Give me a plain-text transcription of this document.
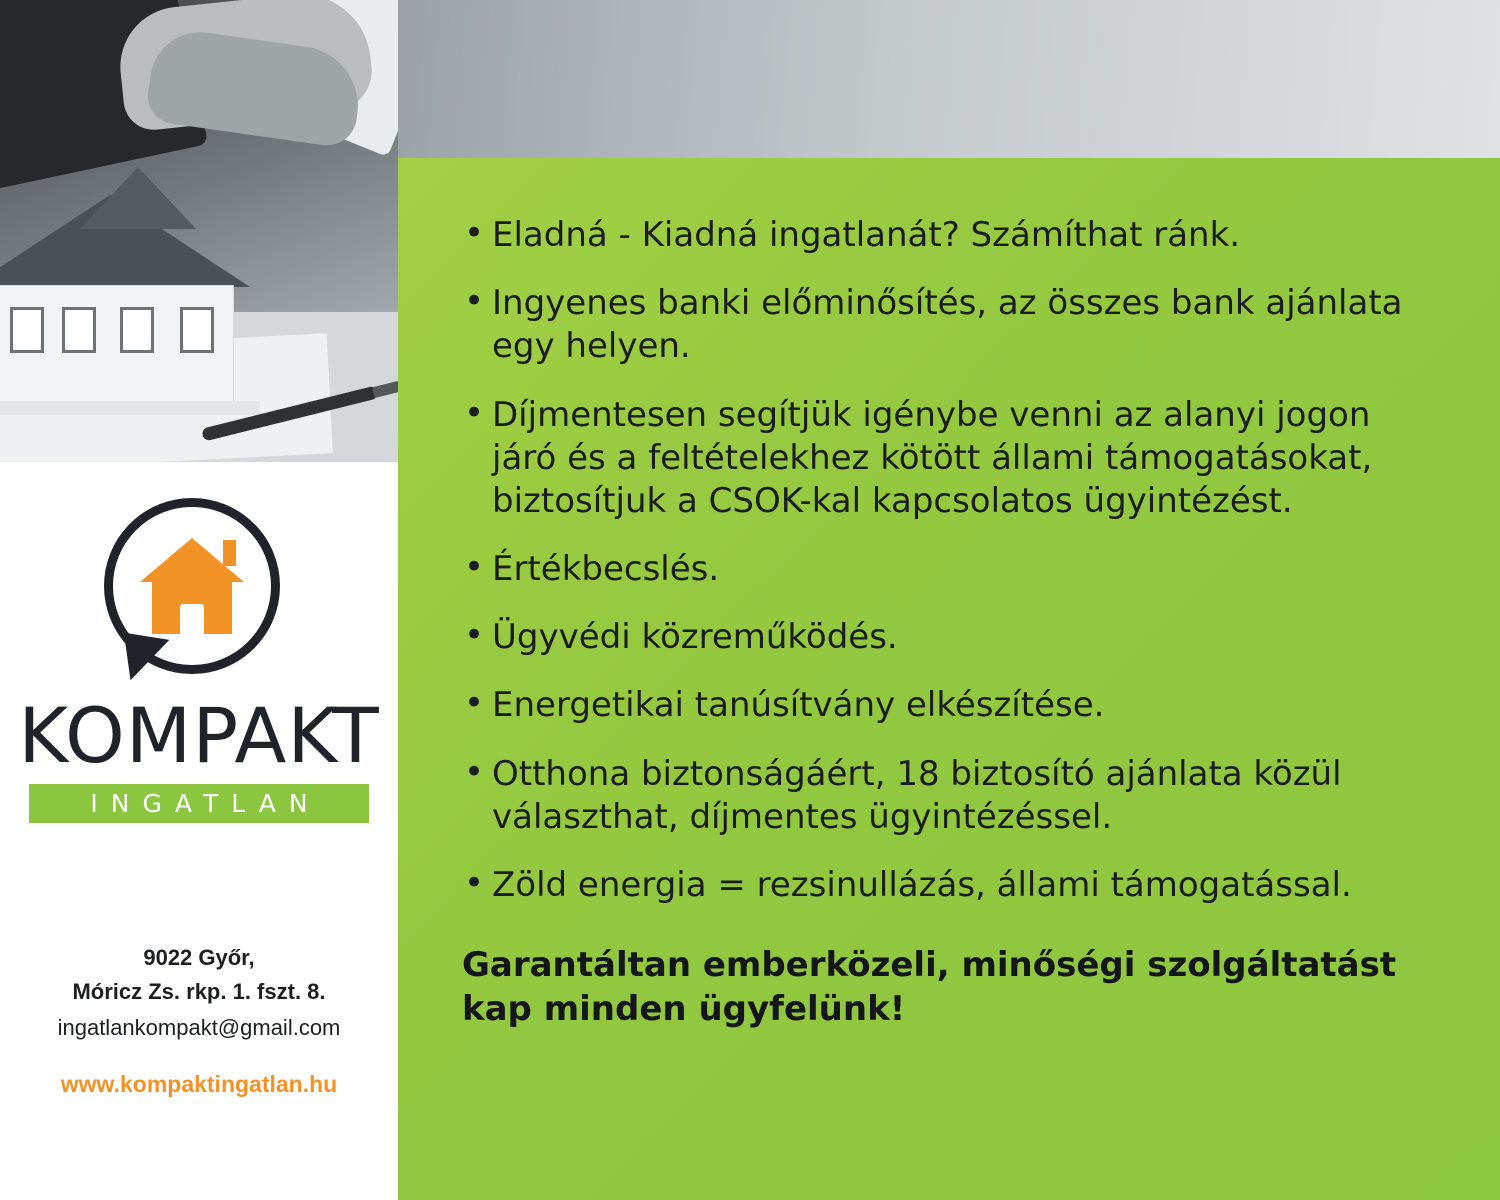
KOMPAKT
INGATLAN
9022 Győr,
Móricz Zs. rkp. 1. fszt. 8.
ingatlankompakt@gmail.com
www.kompaktingatlan.hu
• Eladná - Kiadná ingatlanát? Számíthat ránk.
• Ingyenes banki előminősítés, az összes bank ajánlata egy helyen.
• Díjmentesen segítjük igénybe venni az alanyi jogon járó és a feltételekhez kötött állami támogatásokat, biztosítjuk a CSOK-kal kapcsolatos ügyintézést.
• Értékbecslés.
• Ügyvédi közreműködés.
• Energetikai tanúsítvány elkészítése.
• Otthona biztonságáért, 18 biztosító ajánlata közül választhat, díjmentes ügyintézéssel.
• Zöld energia = rezsinullázás, állami támogatással.
Garantáltan emberközeli, minőségi szolgáltatást kap minden ügyfelünk!
